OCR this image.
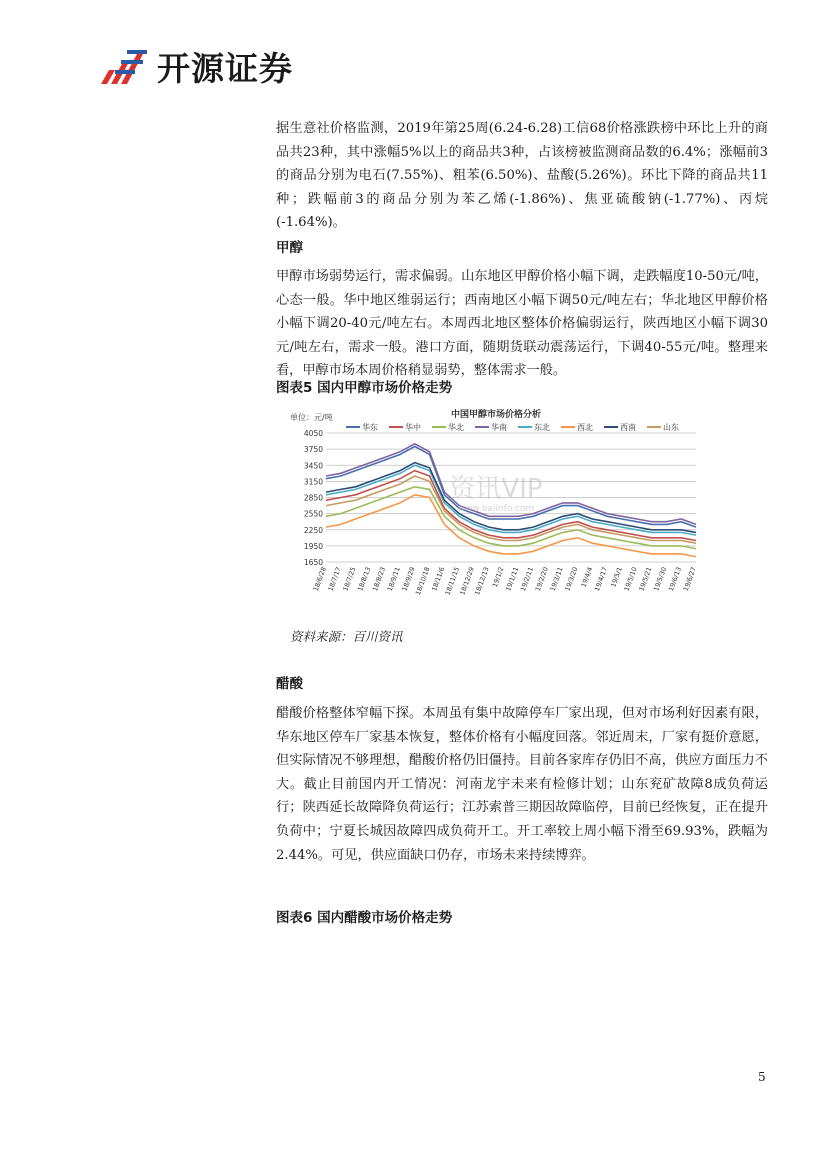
开源证券

据生意社价格监测，2019年第25周(6.24-6.28)工信68价格涨跌榜中环比上升的商品共23种，其中涨幅5%以上的商品共3种，占该榜被监测商品数的6.4%；涨幅前3的商品分别为电石(7.55%)、粗苯(6.50%)、盐酸(5.26%)。环比下降的商品共11种；跌幅前3的商品分别为苯乙烯(-1.86%)、焦亚硫酸钠(-1.77%)、丙烷(-1.64%)。

甲醇

甲醇市场弱势运行，需求偏弱。山东地区甲醇价格小幅下调，走跌幅度10-50元/吨，心态一般。华中地区维弱运行；西南地区小幅下调50元/吨左右；华北地区甲醇价格小幅下调20-40元/吨左右。本周西北地区整体价格偏弱运行，陕西地区小幅下调30元/吨左右，需求一般。港口方面，随期货联动震荡运行，下调40-55元/吨。整理来看，甲醇市场本周价格稍显弱势，整体需求一般。

图表5 国内甲醇市场价格走势
中国甲醇市场价格分析
单位：元/吨
1650
1950
2250
2550
2850
3150
3450
3750
4050
18/6/28
18/7/17
18/7/25
18/8/13
18/8/23
18/9/11
18/9/29
18/10/18
18/11/6
18/11/15
18/12/29
18/12/13 19/1/2
19/1/11
19/2/11
19/2/20
19/3/11
19/3/20 19/4/4
19/4/17 19/5/1
19/5/10
19/5/21
19/5/30
19/6/13
19/6/27
华东	华中	华北	华南	东北	西北	西南	山东
资讯VIP
www.baiinfo.com
资料来源：百川资讯

醋酸

醋酸价格整体窄幅下探。本周虽有集中故障停车厂家出现，但对市场利好因素有限，华东地区停车厂家基本恢复，整体价格有小幅度回落。邻近周末，厂家有挺价意愿，但实际情况不够理想，醋酸价格仍旧僵持。目前各家库存仍旧不高，供应方面压力不大。截止目前国内开工情况：河南龙宇未来有检修计划；山东兖矿故障8成负荷运行；陕西延长故障降负荷运行；江苏索普三期因故障临停，目前已经恢复，正在提升负荷中；宁夏长城因故障四成负荷开工。开工率较上周小幅下滑至69.93%，跌幅为2.44%。可见，供应面缺口仍存，市场未来持续博弈。

图表6 国内醋酸市场价格走势
5
